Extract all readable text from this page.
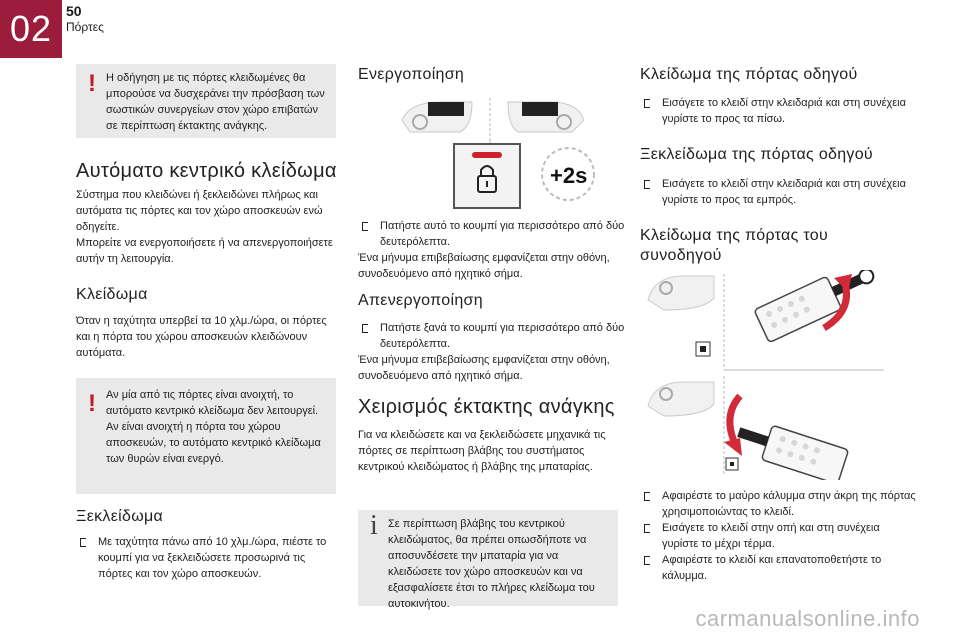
02 50
Πόρτες
! Η οδήγηση με τις πόρτες κλειδωμένες θα μπορούσε να δυσχεράνει την πρόσβαση των σωστικών συνεργείων στον χώρο επιβατών σε περίπτωση έκτακτης ανάγκης.
Αυτόματο κεντρικό κλείδωμα
Σύστημα που κλειδώνει ή ξεκλειδώνει πλήρως και αυτόματα τις πόρτες και τον χώρο αποσκευών ενώ οδηγείτε.
Μπορείτε να ενεργοποιήσετε ή να απενεργοποιήσετε αυτήν τη λειτουργία.
Κλείδωμα
Όταν η ταχύτητα υπερβεί τα 10 χλμ./ώρα, οι πόρτες και η πόρτα του χώρου αποσκευών κλειδώνουν αυτόματα.
! Αν μία από τις πόρτες είναι ανοιχτή, το αυτόματο κεντρικό κλείδωμα δεν λειτουργεί.
Αν είναι ανοιχτή η πόρτα του χώρου αποσκευών, το αυτόματο κεντρικό κλείδωμα των θυρών είναι ενεργό.
Ξεκλείδωμα
Με ταχύτητα πάνω από 10 χλμ./ώρα, πιέστε το κουμπί για να ξεκλειδώσετε προσωρινά τις πόρτες και τον χώρο αποσκευών.
Ενεργοποίηση
+2s
Πατήστε αυτό το κουμπί για περισσότερο από δύο δευτερόλεπτα.
Ένα μήνυμα επιβεβαίωσης εμφανίζεται στην οθόνη, συνοδευόμενο από ηχητικό σήμα.
Απενεργοποίηση
Πατήστε ξανά το κουμπί για περισσότερο από δύο δευτερόλεπτα.
Ένα μήνυμα επιβεβαίωσης εμφανίζεται στην οθόνη, συνοδευόμενο από ηχητικό σήμα.
Χειρισμός έκτακτης ανάγκης
Για να κλειδώσετε και να ξεκλειδώσετε μηχανικά τις πόρτες σε περίπτωση βλάβης του συστήματος κεντρικού κλειδώματος ή βλάβης της μπαταρίας.
i Σε περίπτωση βλάβης του κεντρικού κλειδώματος, θα πρέπει οπωσδήποτε να αποσυνδέσετε την μπαταρία για να κλειδώσετε τον χώρο αποσκευών και να εξασφαλίσετε έτσι το πλήρες κλείδωμα του αυτοκινήτου.
Κλείδωμα της πόρτας οδηγού
Εισάγετε το κλειδί στην κλειδαριά και στη συνέχεια γυρίστε το προς τα πίσω.
Ξεκλείδωμα της πόρτας οδηγού
Εισάγετε το κλειδί στην κλειδαριά και στη συνέχεια γυρίστε το προς τα εμπρός.
Κλείδωμα της πόρτας του συνοδηγού
Αφαιρέστε το μαύρο κάλυμμα στην άκρη της πόρτας χρησιμοποιώντας το κλειδί.
Εισάγετε το κλειδί στην οπή και στη συνέχεια γυρίστε το μέχρι τέρμα.
Αφαιρέστε το κλειδί και επανατοποθετήστε το κάλυμμα.
carmanualsonline.info
